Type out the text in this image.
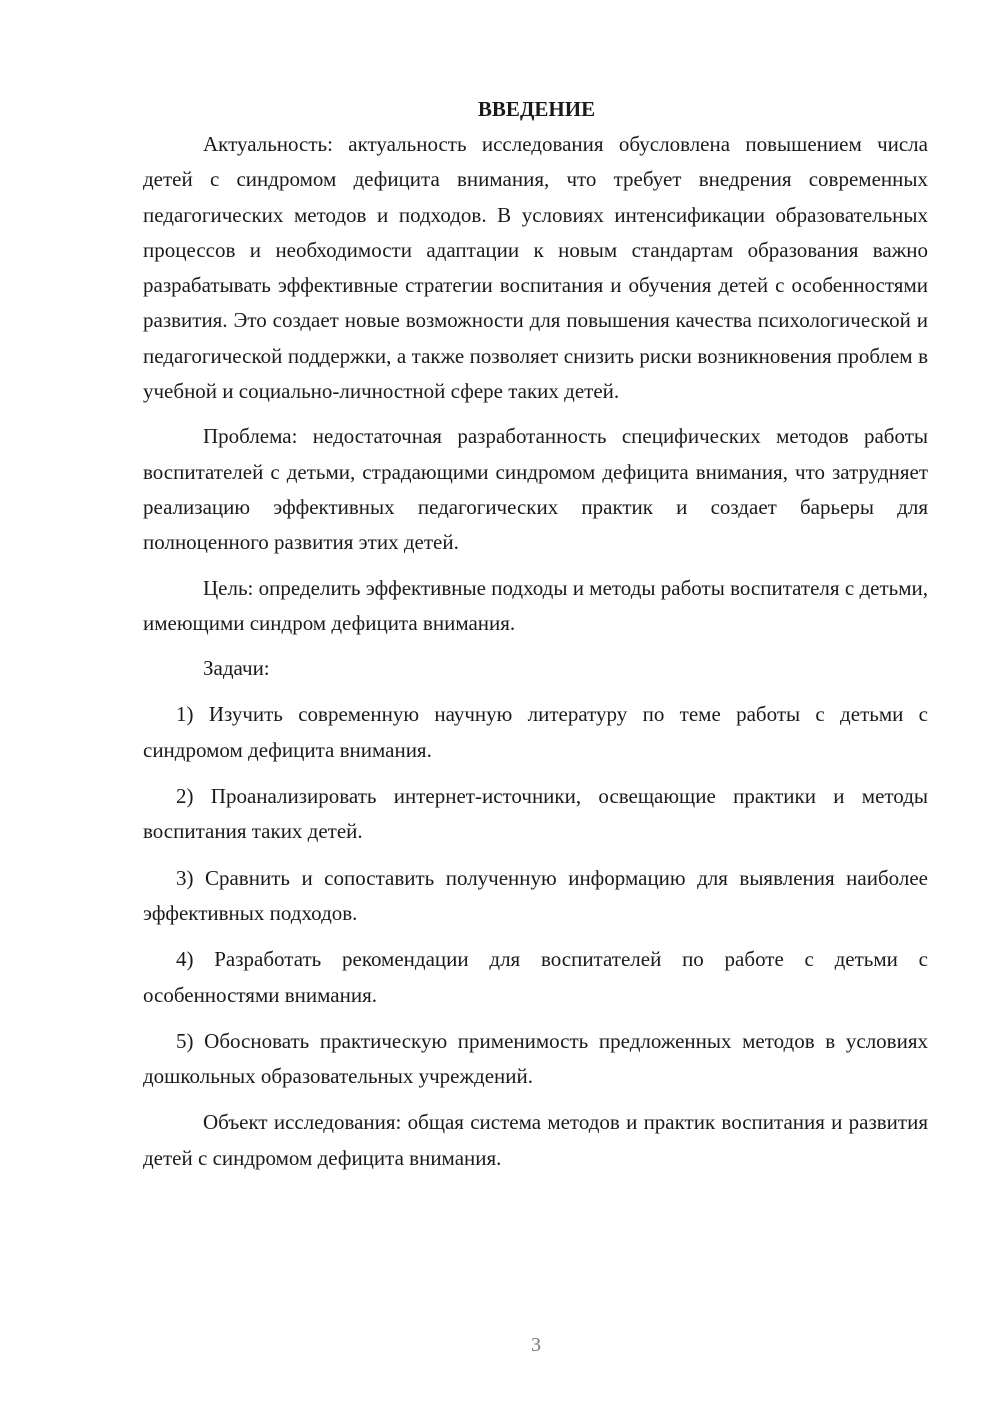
ВВЕДЕНИЕ

Актуальность: актуальность исследования обусловлена повышением числа детей с синдромом дефицита внимания, что требует внедрения современных педагогических методов и подходов. В условиях интенсификации образовательных процессов и необходимости адаптации к новым стандартам образования важно разрабатывать эффективные стратегии воспитания и обучения детей с особенностями развития. Это создает новые возможности для повышения качества психологической и педагогической поддержки, а также позволяет снизить риски возникновения проблем в учебной и социально-личностной сфере таких детей.

Проблема: недостаточная разработанность специфических методов работы воспитателей с детьми, страдающими синдромом дефицита внимания, что затрудняет реализацию эффективных педагогических практик и создает барьеры для полноценного развития этих детей.

Цель: определить эффективные подходы и методы работы воспитателя с детьми, имеющими синдром дефицита внимания.

Задачи:

1) Изучить современную научную литературу по теме работы с детьми с синдромом дефицита внимания.

2) Проанализировать интернет-источники, освещающие практики и методы воспитания таких детей.

3) Сравнить и сопоставить полученную информацию для выявления наиболее эффективных подходов.

4) Разработать рекомендации для воспитателей по работе с детьми с особенностями внимания.

5) Обосновать практическую применимость предложенных методов в условиях дошкольных образовательных учреждений.

Объект исследования: общая система методов и практик воспитания и развития детей с синдромом дефицита внимания.

3
